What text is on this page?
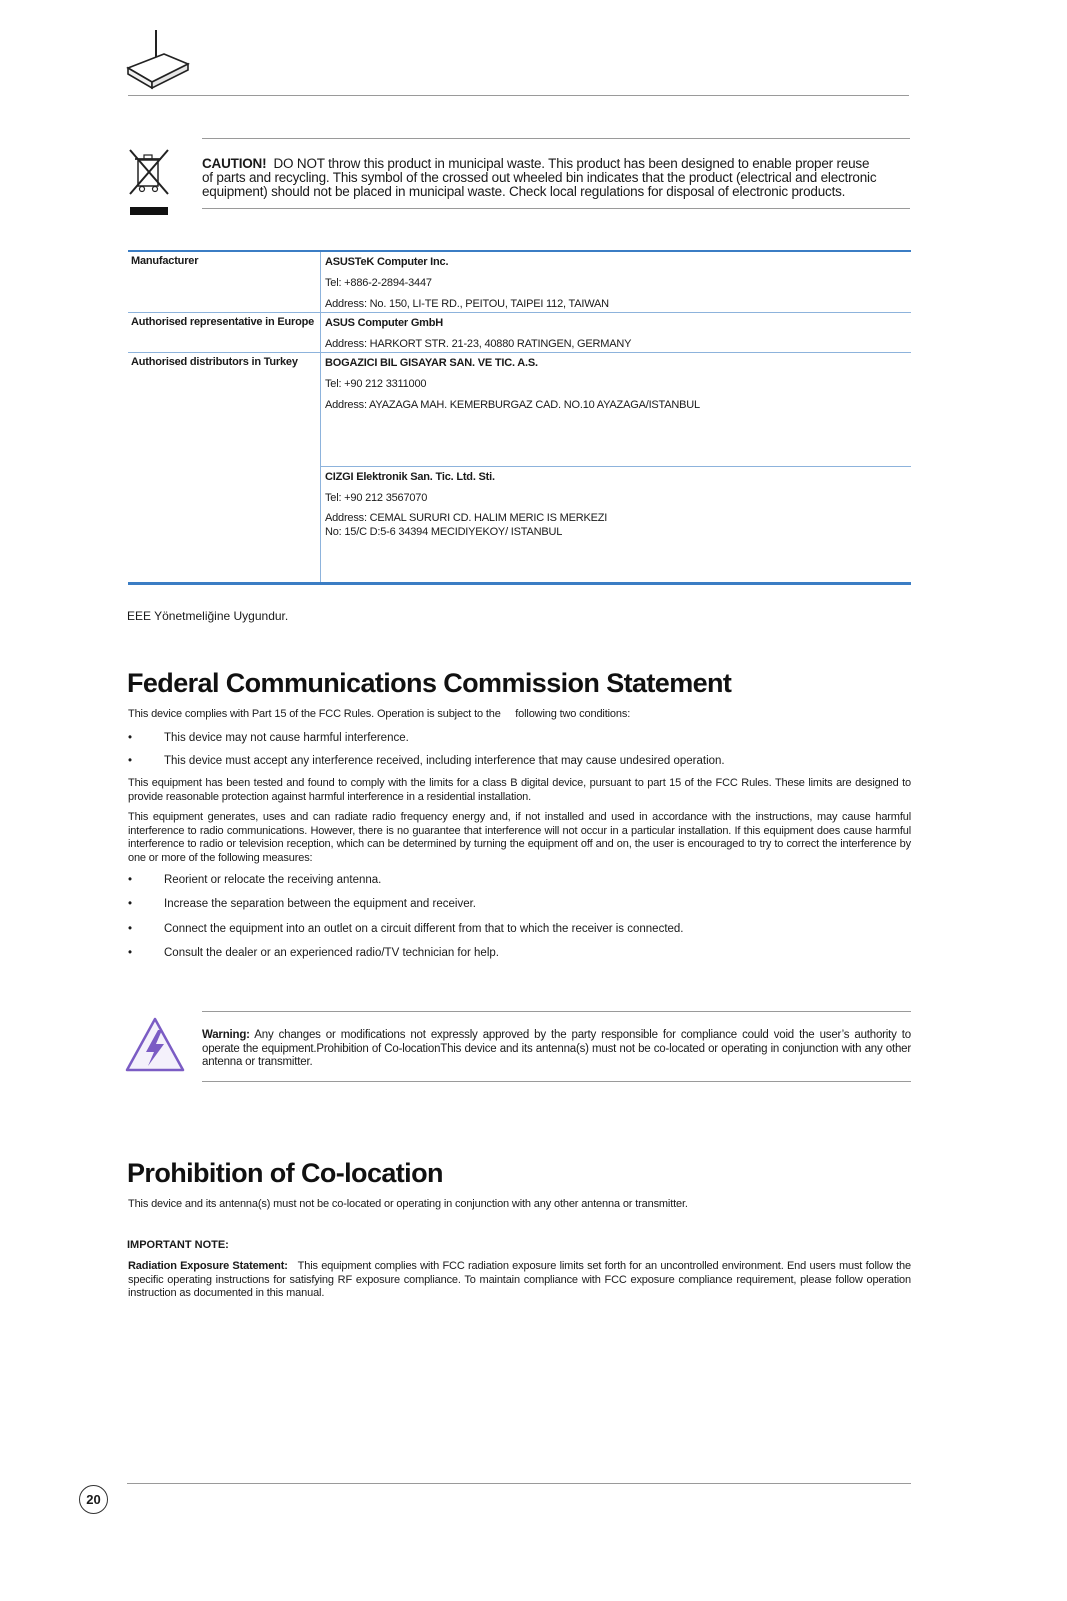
CAUTION! DO NOT throw this product in municipal waste. This product has been designed to enable proper reuse
of parts and recycling. This symbol of the crossed out wheeled bin indicates that the product (electrical and electronic
equipment) should not be placed in municipal waste. Check local regulations for disposal of electronic products.
Manufacturer	ASUSTeK Computer Inc.
Tel: +886-2-2894-3447
Address: No. 150, LI-TE RD., PEITOU, TAIPEI 112, TAIWAN

Authorised representative in Europe	ASUS Computer GmbH
Address: HARKORT STR. 21-23, 40880 RATINGEN, GERMANY

Authorised distributors in Turkey	BOGAZICI BIL GISAYAR SAN. VE TIC. A.S.
Tel: +90 212 3311000
Address: AYAZAGA MAH. KEMERBURGAZ CAD. NO.10 AYAZAGA/ISTANBUL

	CIZGI Elektronik San. Tic. Ltd. Sti.
Tel: +90 212 3567070
Address: CEMAL SURURI CD. HALIM MERIC IS MERKEZI
No: 15/C D:5-6 34394 MECIDIYEKOY/ ISTANBUL
EEE Yönetmeliğine Uygundur.
Federal Communications Commission Statement
This device complies with Part 15 of the FCC Rules. Operation is subject to the     following two conditions:
•	This device may not cause harmful interference.
•	This device must accept any interference received, including interference that may cause undesired operation.
This equipment has been tested and found to comply with the limits for a class B digital device, pursuant to part 15 of the FCC Rules. These limits are designed to provide reasonable protection against harmful interference in a residential installation.
This equipment generates, uses and can radiate radio frequency energy and, if not installed and used in accordance with the instructions, may cause harmful interference to radio communications. However, there is no guarantee that interference will not occur in a particular installation. If this equipment does cause harmful interference to radio or television reception, which can be determined by turning the equipment off and on, the user is encouraged to try to correct the interference by one or more of the following measures:
•	Reorient or relocate the receiving antenna.
•	Increase the separation between the equipment and receiver.
•	Connect the equipment into an outlet on a circuit different from that to which the receiver is connected.
•	Consult the dealer or an experienced radio/TV technician for help.
Warning: Any changes or modifications not expressly approved by the party responsible for compliance could void the user’s authority to operate the equipment.Prohibition of Co-locationThis device and its antenna(s) must not be co-located or operating in conjunction with any other antenna or transmitter.
Prohibition of Co-location
This device and its antenna(s) must not be co-located or operating in conjunction with any other antenna or transmitter.
IMPORTANT NOTE:
Radiation Exposure Statement: This equipment complies with FCC radiation exposure limits set forth for an uncontrolled environment. End users must follow the specific operating instructions for satisfying RF exposure compliance. To maintain compliance with FCC exposure compliance requirement, please follow operation instruction as documented in this manual.
20
